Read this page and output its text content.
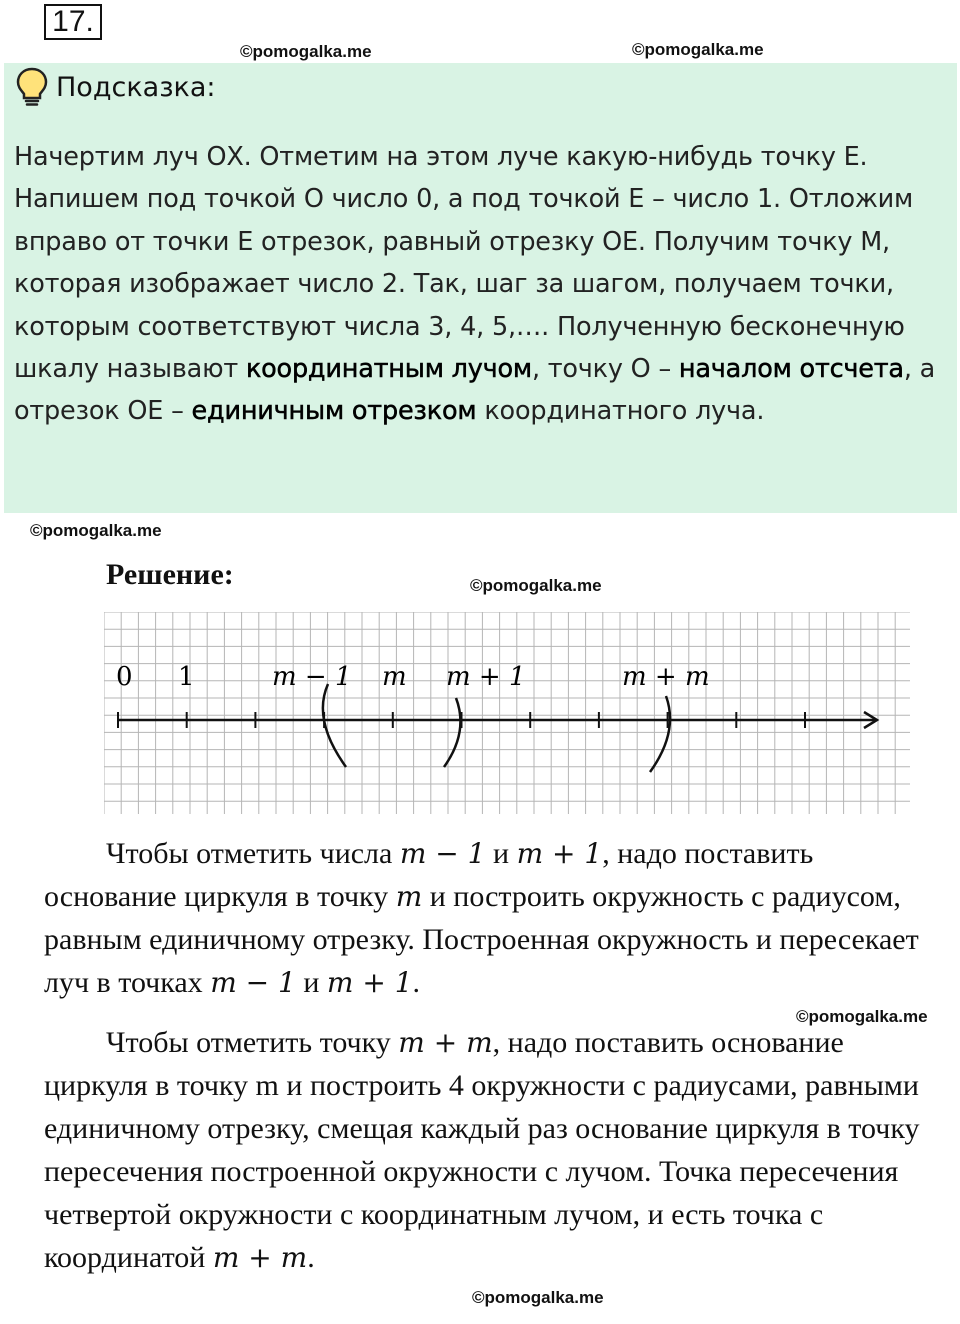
17.
©pomogalka.me	©pomogalka.me
Подсказка:
Начертим луч ОХ. Отметим на этом луче какую-нибудь точку Е. Напишем под точкой О число 0, а под точкой Е – число 1. Отложим вправо от точки Е отрезок, равный отрезку ОЕ. Получим точку М, которая изображает число 2. Так, шаг за шагом, получаем точки, которым соответствуют числа 3, 4, 5,…. Полученную бесконечную шкалу называют координатным лучом, точку О – началом отсчета, а отрезок ОЕ – единичным отрезком координатного луча.
©pomogalka.me
Решение:	©pomogalka.me
0 1	m − 1 m m + 1	m + m

Чтобы отметить числа m − 1 и m + 1, надо поставить основание циркуля в точку m и построить окружность с радиусом, равным единичному отрезку. Построенная окружность и пересекает луч в точках m − 1 и m + 1.

©pomogalka.me

Чтобы отметить точку m + m, надо поставить основание циркуля в точку m и построить 4 окружности с радиусами, равными единичному отрезку, смещая каждый раз основание циркуля в точку пересечения построенной окружности с лучом. Точка пересечения четвертой окружности с координатным лучом, и есть точка с координатой m + m.

©pomogalka.me
